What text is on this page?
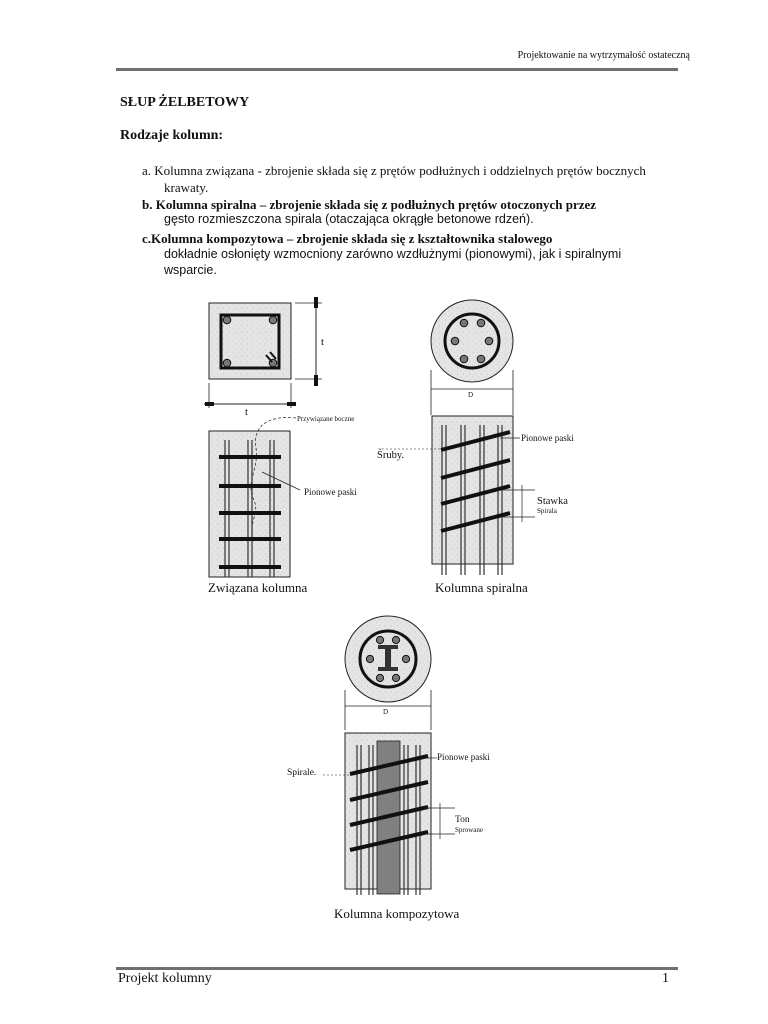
Projektowanie na wytrzymałość ostateczną
SŁUP ŻELBETOWY
Rodzaje kolumn:
a. Kolumna związana - zbrojenie składa się z prętów podłużnych i oddzielnych prętów bocznych
krawaty.
b. Kolumna spiralna – zbrojenie składa się z podłużnych prętów otoczonych przez
gęsto rozmieszczona spirala (otaczająca okrągłe betonowe rdzeń).
c.Kolumna kompozytowa – zbrojenie składa się z kształtownika stalowego
dokładnie osłonięty wzmocniony zarówno wzdłużnymi (pionowymi), jak i spiralnymi
wsparcie.
t
t
Przywiązane boczne
Pionowe paski
Związana kolumna
D
Pionowe paski
Śruby.
Stawka
Spirala
Kolumna spiralna
D
Pionowe paski
Spirale.
Ton
Sprowane
Kolumna kompozytowa
Projekt kolumny	1
